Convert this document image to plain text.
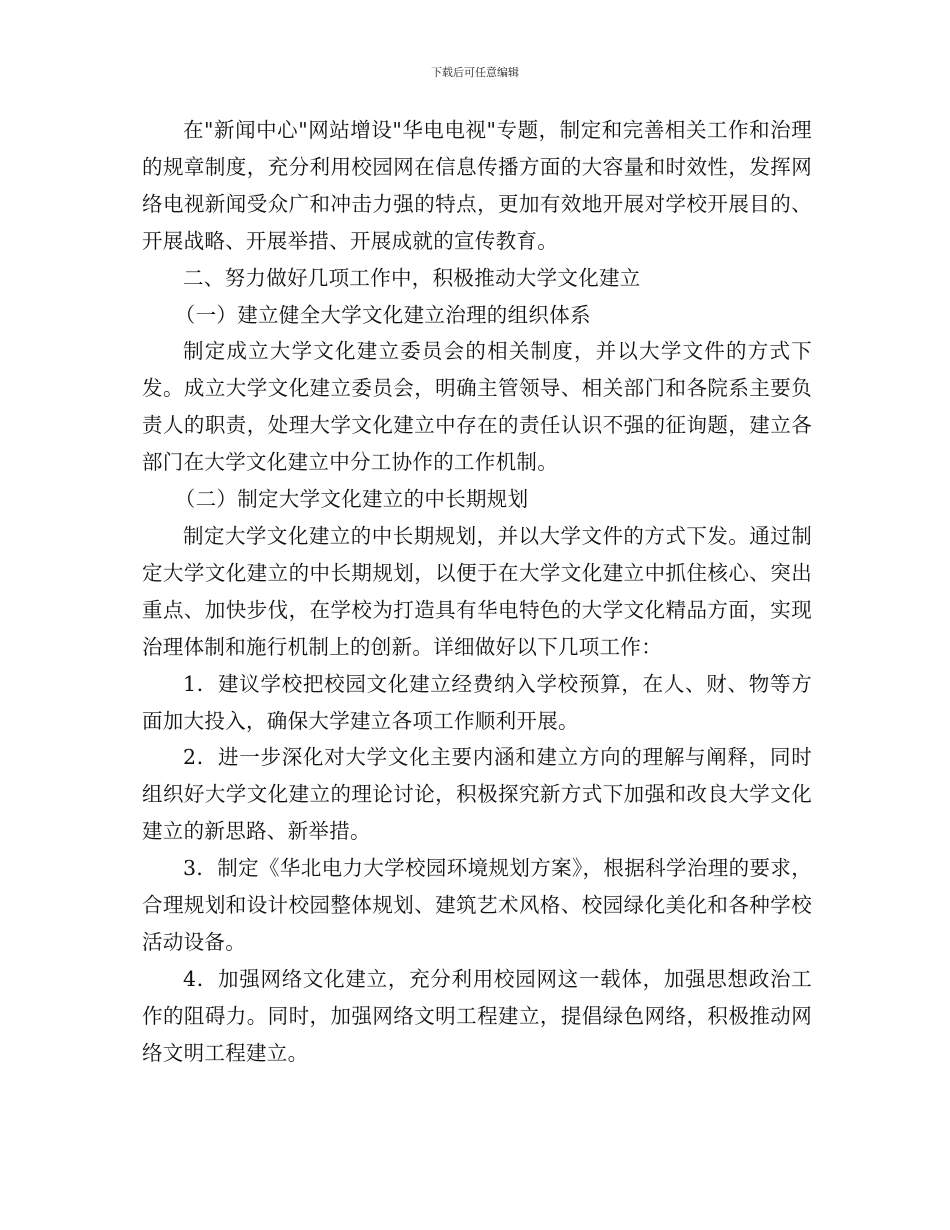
下载后可任意编辑

在"新闻中心"网站增设"华电电视"专题，制定和完善相关工作和治理的规章制度，充分利用校园网在信息传播方面的大容量和时效性，发挥网络电视新闻受众广和冲击力强的特点，更加有效地开展对学校开展目的、开展战略、开展举措、开展成就的宣传教育。

二、努力做好几项工作中，积极推动大学文化建立

（一）建立健全大学文化建立治理的组织体系

制定成立大学文化建立委员会的相关制度，并以大学文件的方式下发。成立大学文化建立委员会，明确主管领导、相关部门和各院系主要负责人的职责，处理大学文化建立中存在的责任认识不强的征询题，建立各部门在大学文化建立中分工协作的工作机制。

（二）制定大学文化建立的中长期规划

制定大学文化建立的中长期规划，并以大学文件的方式下发。通过制定大学文化建立的中长期规划，以便于在大学文化建立中抓住核心、突出重点、加快步伐，在学校为打造具有华电特色的大学文化精品方面，实现治理体制和施行机制上的创新。详细做好以下几项工作：

1．建议学校把校园文化建立经费纳入学校预算，在人、财、物等方面加大投入，确保大学建立各项工作顺利开展。

2．进一步深化对大学文化主要内涵和建立方向的理解与阐释，同时组织好大学文化建立的理论讨论，积极探究新方式下加强和改良大学文化建立的新思路、新举措。

3．制定《华北电力大学校园环境规划方案》，根据科学治理的要求，合理规划和设计校园整体规划、建筑艺术风格、校园绿化美化和各种学校活动设备。

4．加强网络文化建立，充分利用校园网这一载体，加强思想政治工作的阻碍力。同时，加强网络文明工程建立，提倡绿色网络，积极推动网络文明工程建立。
